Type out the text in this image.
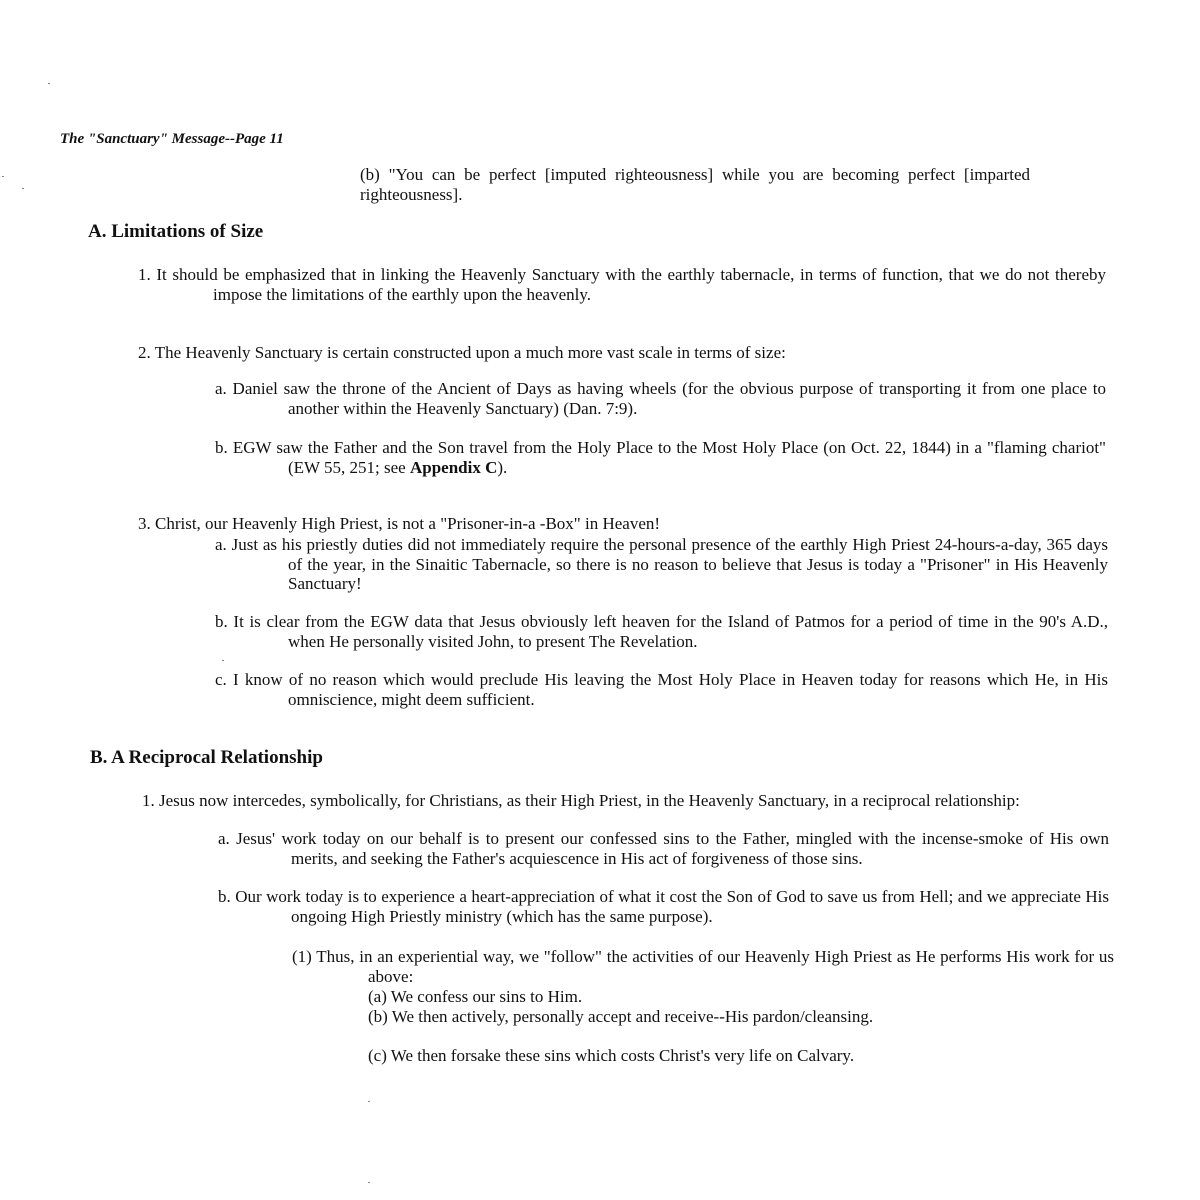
The "Sanctuary" Message--Page 11

(b) "You can be perfect [imputed righteousness] while you are becoming perfect [imparted righteousness].

A. Limitations of Size

1. It should be emphasized that in linking the Heavenly Sanctuary with the earthly tabernacle, in terms of function, that we do not thereby impose the limitations of the earthly upon the heavenly.

2. The Heavenly Sanctuary is certain constructed upon a much more vast scale in terms of size:

a. Daniel saw the throne of the Ancient of Days as having wheels (for the obvious purpose of transporting it from one place to another within the Heavenly Sanctuary) (Dan. 7:9).

b. EGW saw the Father and the Son travel from the Holy Place to the Most Holy Place (on Oct. 22, 1844) in a "flaming chariot" (EW 55, 251; see Appendix C).

3. Christ, our Heavenly High Priest, is not a "Prisoner-in-a -Box" in Heaven!

a. Just as his priestly duties did not immediately require the personal presence of the earthly High Priest 24-hours-a-day, 365 days of the year, in the Sinaitic Tabernacle, so there is no reason to believe that Jesus is today a "Prisoner" in His Heavenly Sanctuary!

b. It is clear from the EGW data that Jesus obviously left heaven for the Island of Patmos for a period of time in the 90's A.D., when He personally visited John, to present The Revelation.

c. I know of no reason which would preclude His leaving the Most Holy Place in Heaven today for reasons which He, in His omniscience, might deem sufficient.

B. A Reciprocal Relationship

1. Jesus now intercedes, symbolically, for Christians, as their High Priest, in the Heavenly Sanctuary, in a reciprocal relationship:

a. Jesus' work today on our behalf is to present our confessed sins to the Father, mingled with the incense-smoke of His own merits, and seeking the Father's acquiescence in His act of forgiveness of those sins.

b. Our work today is to experience a heart-appreciation of what it cost the Son of God to save us from Hell; and we appreciate His ongoing High Priestly ministry (which has the same purpose).

(1) Thus, in an experiential way, we "follow" the activities of our Heavenly High Priest as He performs His work for us above:

(a) We confess our sins to Him.

(b) We then actively, personally accept and receive--His pardon/cleansing.

(c) We then forsake these sins which costs Christ's very life on Calvary.
